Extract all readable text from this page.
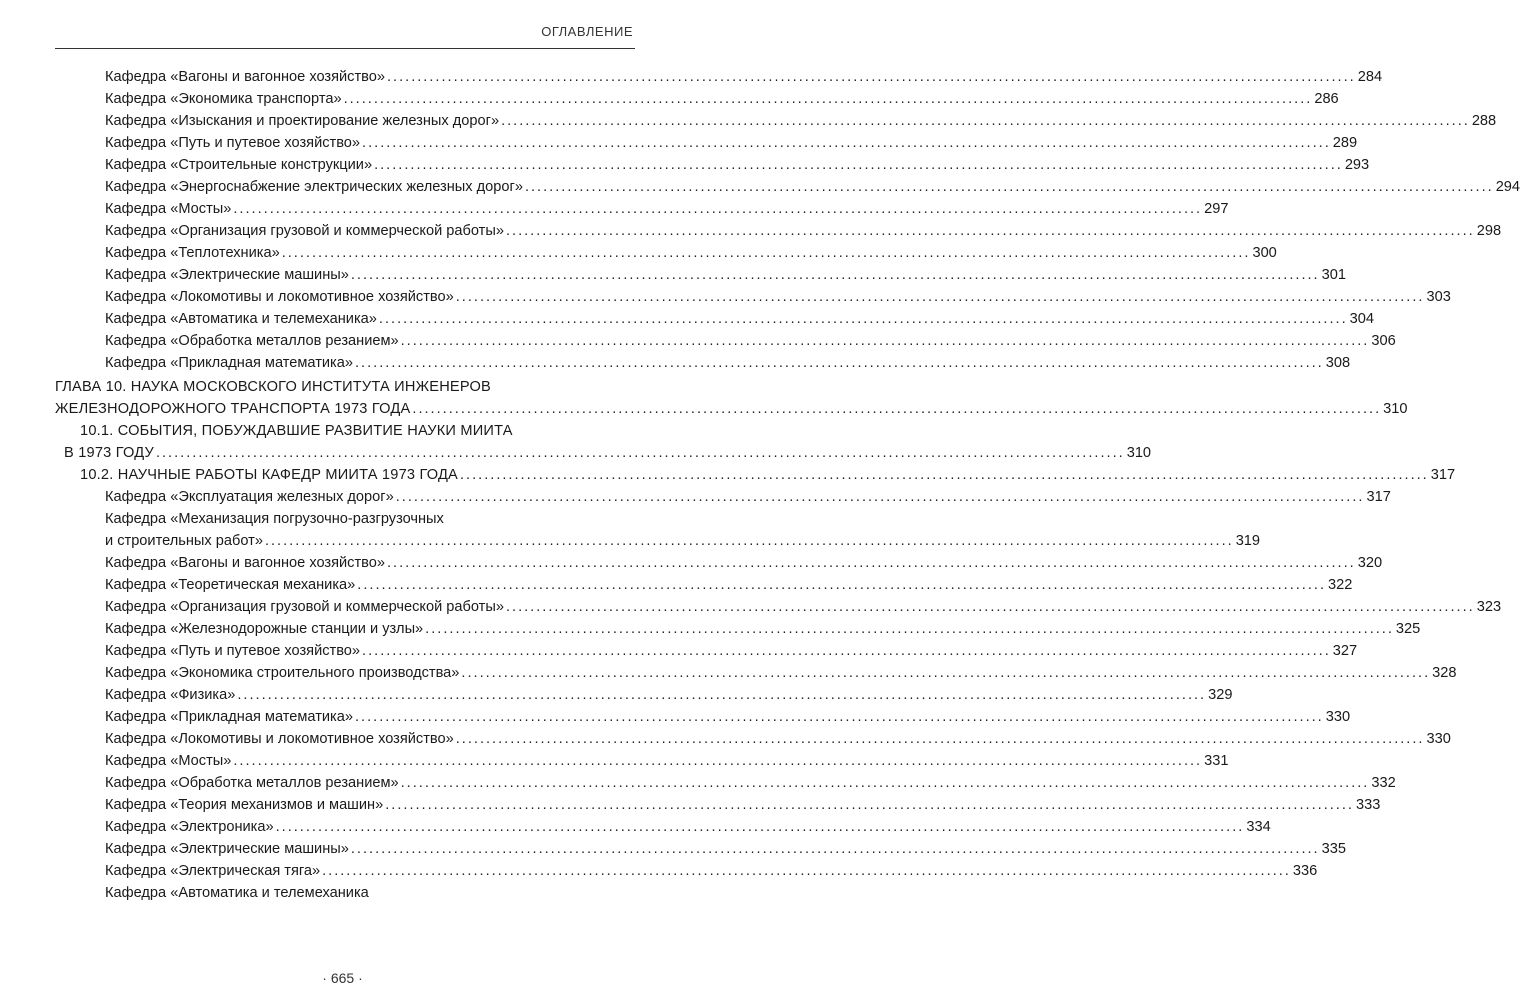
ОГЛАВЛЕНИЕ
Кафедра «Вагоны и вагонное хозяйство» ................................................................................................................................................................ 284
Кафедра «Экономика транспорта» ................................................................................................................................................................ 286
Кафедра «Изыскания и проектирование железных дорог» ................................................................................................................................................................ 288
Кафедра «Путь и путевое хозяйство» ................................................................................................................................................................ 289
Кафедра «Строительные конструкции» ................................................................................................................................................................ 293
Кафедра «Энергоснабжение электрических железных дорог» ................................................................................................................................................................ 294
Кафедра «Мосты» ................................................................................................................................................................ 297
Кафедра «Организация грузовой и коммерческой работы» ................................................................................................................................................................ 298
Кафедра «Теплотехника» ................................................................................................................................................................ 300
Кафедра «Электрические машины» ................................................................................................................................................................ 301
Кафедра «Локомотивы и локомотивное хозяйство» ................................................................................................................................................................ 303
Кафедра «Автоматика и телемеханика» ................................................................................................................................................................ 304
Кафедра «Обработка металлов резанием» ................................................................................................................................................................ 306
Кафедра «Прикладная математика» ................................................................................................................................................................ 308
ГЛАВА 10. НАУКА МОСКОВСКОГО ИНСТИТУТА ИНЖЕНЕРОВ
ЖЕЛЕЗНОДОРОЖНОГО ТРАНСПОРТА 1973 ГОДА ................................................................................................................................................................ 310
10.1. СОБЫТИЯ, ПОБУЖДАВШИЕ РАЗВИТИЕ НАУКИ МИИТА
В 1973 ГОДУ ................................................................................................................................................................ 310
10.2. НАУЧНЫЕ РАБОТЫ КАФЕДР МИИТА 1973 ГОДА ................................................................................................................................................................ 317
Кафедра «Эксплуатация железных дорог» ................................................................................................................................................................ 317
Кафедра «Механизация погрузочно-разгрузочных
и строительных работ» ................................................................................................................................................................ 319
Кафедра «Вагоны и вагонное хозяйство» ................................................................................................................................................................ 320
Кафедра «Теоретическая механика» ................................................................................................................................................................ 322
Кафедра «Организация грузовой и коммерческой работы» ................................................................................................................................................................ 323
Кафедра «Железнодорожные станции и узлы» ................................................................................................................................................................ 325
Кафедра «Путь и путевое хозяйство» ................................................................................................................................................................ 327
Кафедра «Экономика строительного производства» ................................................................................................................................................................ 328
Кафедра «Физика» ................................................................................................................................................................ 329
Кафедра «Прикладная математика» ................................................................................................................................................................ 330
Кафедра «Локомотивы и локомотивное хозяйство» ................................................................................................................................................................ 330
Кафедра «Мосты» ................................................................................................................................................................ 331
Кафедра «Обработка металлов резанием» ................................................................................................................................................................ 332
Кафедра «Теория механизмов и машин» ................................................................................................................................................................ 333
Кафедра «Электроника» ................................................................................................................................................................ 334
Кафедра «Электрические машины» ................................................................................................................................................................ 335
Кафедра «Электрическая тяга» ................................................................................................................................................................ 336
Кафедра «Автоматика и телемеханика
· 665 ·
